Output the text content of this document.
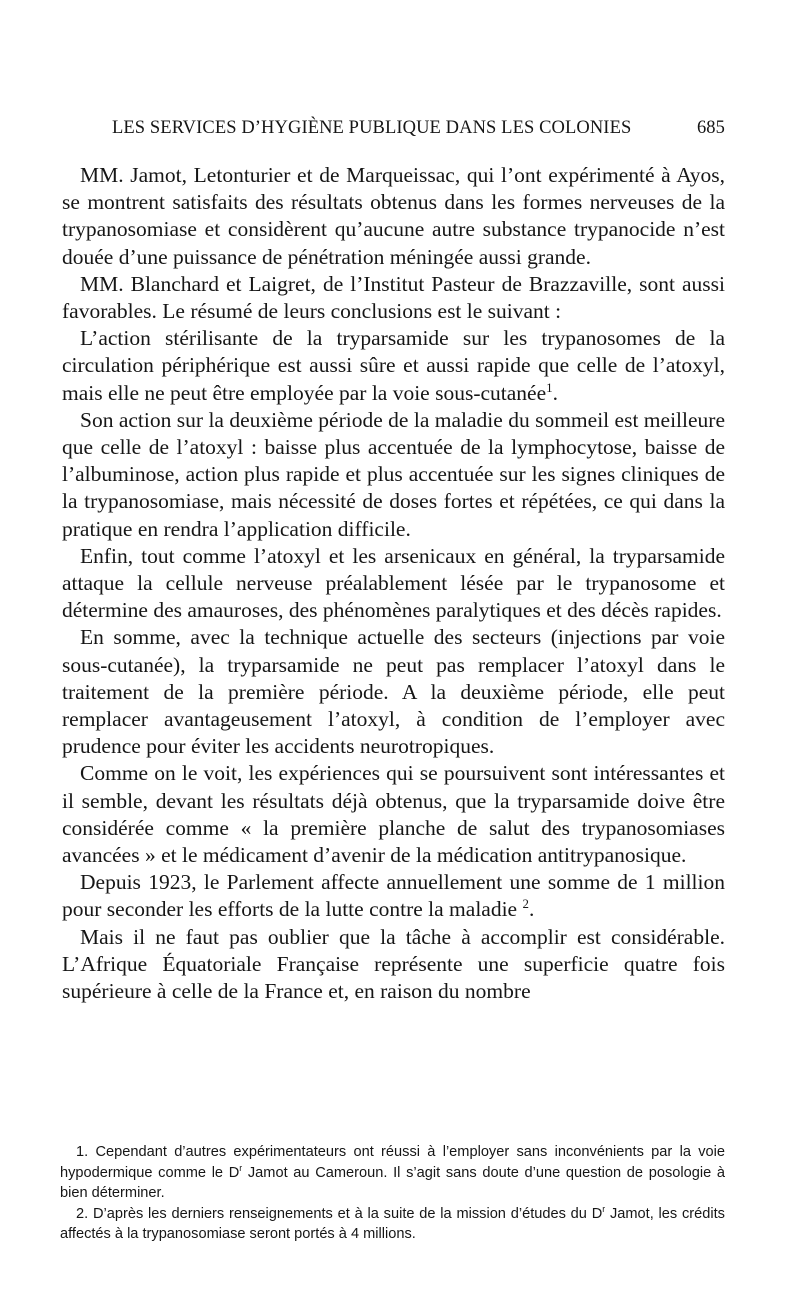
LES SERVICES D’HYGIÈNE PUBLIQUE DANS LES COLONIES	685

MM. Jamot, Letonturier et de Marqueissac, qui l’ont expérimenté à Ayos, se montrent satisfaits des résultats obtenus dans les formes nerveuses de la trypanosomiase et considèrent qu’aucune autre substance trypanocide n’est douée d’une puissance de pénétration méningée aussi grande.

MM. Blanchard et Laigret, de l’Institut Pasteur de Brazzaville, sont aussi favorables. Le résumé de leurs conclusions est le suivant :

L’action stérilisante de la tryparsamide sur les trypanosomes de la circulation périphérique est aussi sûre et aussi rapide que celle de l’atoxyl, mais elle ne peut être employée par la voie sous-cutanée$^1$.

Son action sur la deuxième période de la maladie du sommeil est meilleure que celle de l’atoxyl : baisse plus accentuée de la lymphocytose, baisse de l’albuminose, action plus rapide et plus accentuée sur les signes cliniques de la trypanosomiase, mais nécessité de doses fortes et répétées, ce qui dans la pratique en rendra l’application difficile.

Enfin, tout comme l’atoxyl et les arsenicaux en général, la tryparsamide attaque la cellule nerveuse préalablement lésée par le trypanosome et détermine des amauroses, des phénomènes paralytiques et des décès rapides.

En somme, avec la technique actuelle des secteurs (injections par voie sous-cutanée), la tryparsamide ne peut pas remplacer l’atoxyl dans le traitement de la première période. A la deuxième période, elle peut remplacer avantageusement l’atoxyl, à condition de l’employer avec prudence pour éviter les accidents neurotropiques.

Comme on le voit, les expériences qui se poursuivent sont intéressantes et il semble, devant les résultats déjà obtenus, que la tryparsamide doive être considérée comme « la première planche de salut des trypanosomiases avancées » et le médicament d’avenir de la médication antitrypanosique.

Depuis 1923, le Parlement affecte annuellement une somme de 1 million pour seconder les efforts de la lutte contre la maladie $^2$.

Mais il ne faut pas oublier que la tâche à accomplir est considérable. L’Afrique Équatoriale Française représente une superficie quatre fois supérieure à celle de la France et, en raison du nombre

1. Cependant d’autres expérimentateurs ont réussi à l’employer sans inconvénients par la voie hypodermique comme le $D^r$ Jamot au Cameroun. Il s’agit sans doute d’une question de posologie à bien déterminer.

2. D’après les derniers renseignements et à la suite de la mission d’études du $D^r$ Jamot, les crédits affectés à la trypanosomiase seront portés à 4 millions.
